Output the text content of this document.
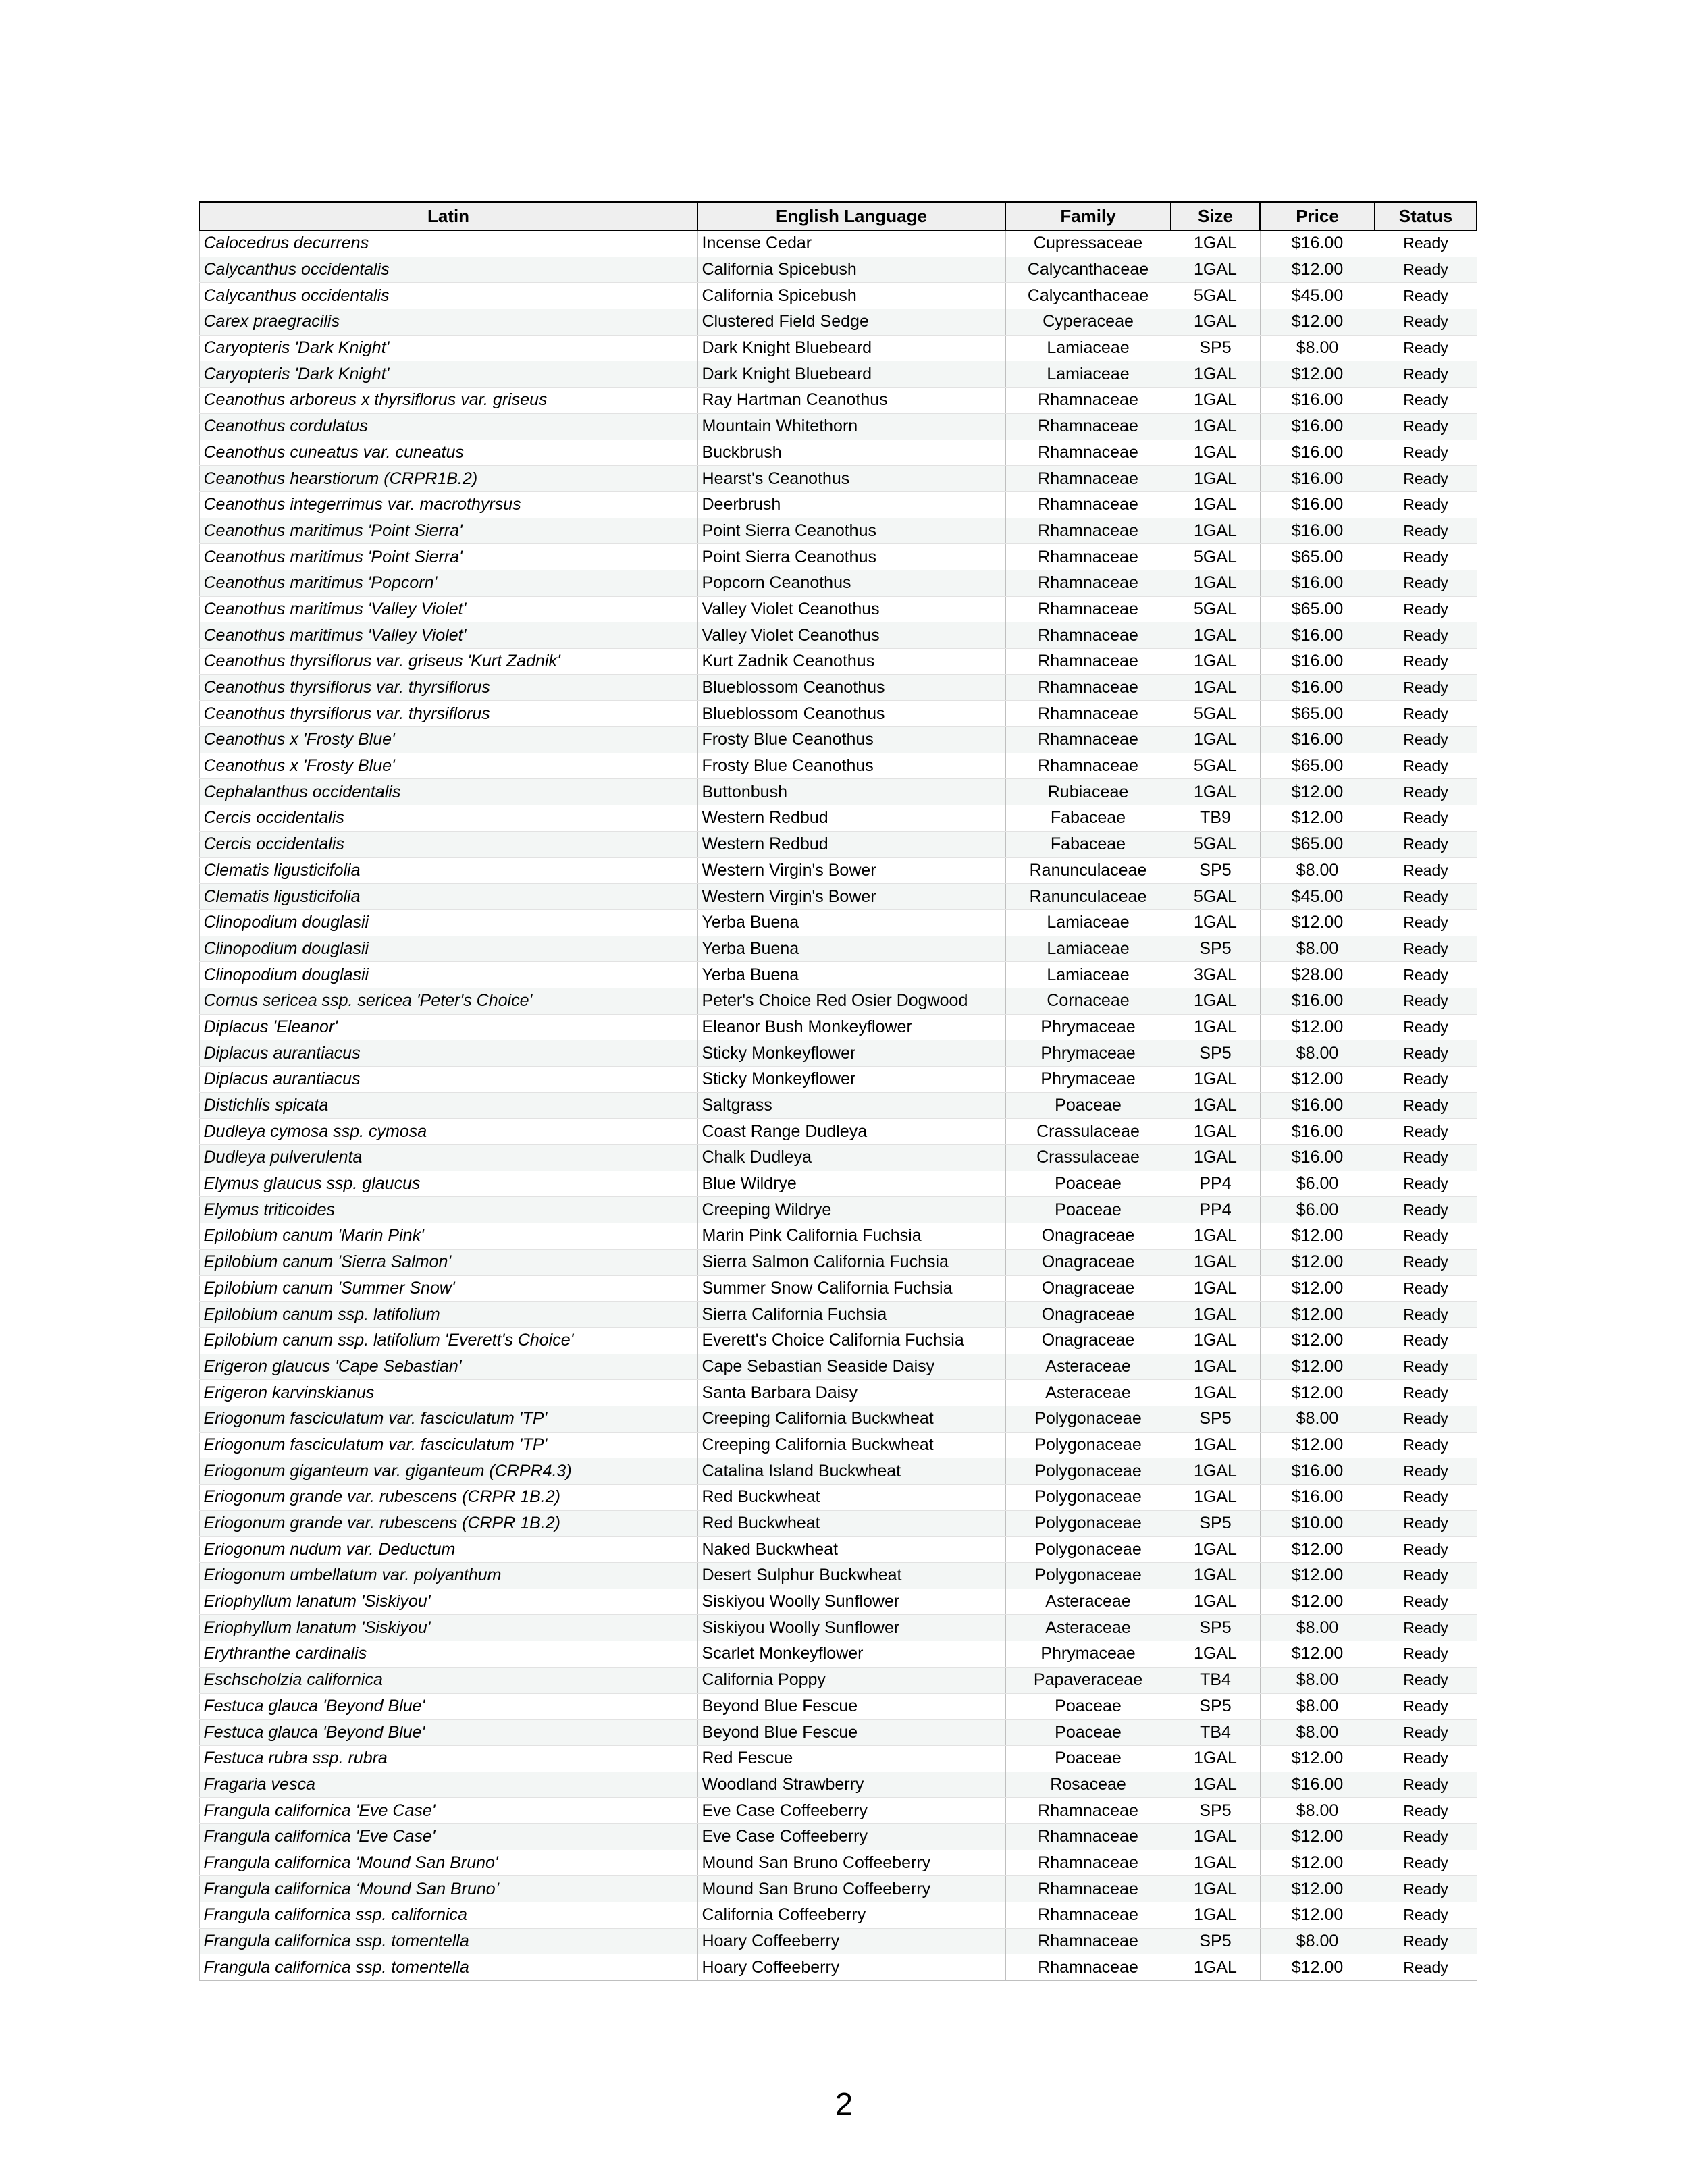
Latin	English Language	Family	Size	Price	Status
Calocedrus decurrens	Incense Cedar	Cupressaceae	1GAL	$16.00	Ready
Calycanthus occidentalis	California Spicebush	Calycanthaceae	1GAL	$12.00	Ready
Calycanthus occidentalis	California Spicebush	Calycanthaceae	5GAL	$45.00	Ready
Carex praegracilis	Clustered Field Sedge	Cyperaceae	1GAL	$12.00	Ready
Caryopteris 'Dark Knight'	Dark Knight Bluebeard	Lamiaceae	SP5	$8.00	Ready
Caryopteris 'Dark Knight'	Dark Knight Bluebeard	Lamiaceae	1GAL	$12.00	Ready
Ceanothus arboreus x thyrsiflorus var. griseus	Ray Hartman Ceanothus	Rhamnaceae	1GAL	$16.00	Ready
Ceanothus cordulatus	Mountain Whitethorn	Rhamnaceae	1GAL	$16.00	Ready
Ceanothus cuneatus var. cuneatus	Buckbrush	Rhamnaceae	1GAL	$16.00	Ready
Ceanothus hearstiorum (CRPR1B.2)	Hearst's Ceanothus	Rhamnaceae	1GAL	$16.00	Ready
Ceanothus integerrimus var. macrothyrsus	Deerbrush	Rhamnaceae	1GAL	$16.00	Ready
Ceanothus maritimus 'Point Sierra'	Point Sierra Ceanothus	Rhamnaceae	1GAL	$16.00	Ready
Ceanothus maritimus 'Point Sierra'	Point Sierra Ceanothus	Rhamnaceae	5GAL	$65.00	Ready
Ceanothus maritimus 'Popcorn'	Popcorn Ceanothus	Rhamnaceae	1GAL	$16.00	Ready
Ceanothus maritimus 'Valley Violet'	Valley Violet Ceanothus	Rhamnaceae	5GAL	$65.00	Ready
Ceanothus maritimus 'Valley Violet'	Valley Violet Ceanothus	Rhamnaceae	1GAL	$16.00	Ready
Ceanothus thyrsiflorus var. griseus 'Kurt Zadnik'	Kurt Zadnik Ceanothus	Rhamnaceae	1GAL	$16.00	Ready
Ceanothus thyrsiflorus var. thyrsiflorus	Blueblossom Ceanothus	Rhamnaceae	1GAL	$16.00	Ready
Ceanothus thyrsiflorus var. thyrsiflorus	Blueblossom Ceanothus	Rhamnaceae	5GAL	$65.00	Ready
Ceanothus x 'Frosty Blue'	Frosty Blue Ceanothus	Rhamnaceae	1GAL	$16.00	Ready
Ceanothus x 'Frosty Blue'	Frosty Blue Ceanothus	Rhamnaceae	5GAL	$65.00	Ready
Cephalanthus occidentalis	Buttonbush	Rubiaceae	1GAL	$12.00	Ready
Cercis occidentalis	Western Redbud	Fabaceae	TB9	$12.00	Ready
Cercis occidentalis	Western Redbud	Fabaceae	5GAL	$65.00	Ready
Clematis ligusticifolia	Western Virgin's Bower	Ranunculaceae	SP5	$8.00	Ready
Clematis ligusticifolia	Western Virgin's Bower	Ranunculaceae	5GAL	$45.00	Ready
Clinopodium douglasii	Yerba Buena	Lamiaceae	1GAL	$12.00	Ready
Clinopodium douglasii	Yerba Buena	Lamiaceae	SP5	$8.00	Ready
Clinopodium douglasii	Yerba Buena	Lamiaceae	3GAL	$28.00	Ready
Cornus sericea ssp. sericea 'Peter's Choice'	Peter's Choice Red Osier Dogwood	Cornaceae	1GAL	$16.00	Ready
Diplacus 'Eleanor'	Eleanor Bush Monkeyflower	Phrymaceae	1GAL	$12.00	Ready
Diplacus aurantiacus	Sticky Monkeyflower	Phrymaceae	SP5	$8.00	Ready
Diplacus aurantiacus	Sticky Monkeyflower	Phrymaceae	1GAL	$12.00	Ready
Distichlis spicata	Saltgrass	Poaceae	1GAL	$16.00	Ready
Dudleya cymosa ssp. cymosa	Coast Range Dudleya	Crassulaceae	1GAL	$16.00	Ready
Dudleya pulverulenta	Chalk Dudleya	Crassulaceae	1GAL	$16.00	Ready
Elymus glaucus ssp. glaucus	Blue Wildrye	Poaceae	PP4	$6.00	Ready
Elymus triticoides	Creeping Wildrye	Poaceae	PP4	$6.00	Ready
Epilobium canum 'Marin Pink'	Marin Pink California Fuchsia	Onagraceae	1GAL	$12.00	Ready
Epilobium canum 'Sierra Salmon'	Sierra Salmon California Fuchsia	Onagraceae	1GAL	$12.00	Ready
Epilobium canum 'Summer Snow'	Summer Snow California Fuchsia	Onagraceae	1GAL	$12.00	Ready
Epilobium canum ssp. latifolium	Sierra California Fuchsia	Onagraceae	1GAL	$12.00	Ready
Epilobium canum ssp. latifolium 'Everett's Choice'	Everett's Choice California Fuchsia	Onagraceae	1GAL	$12.00	Ready
Erigeron glaucus 'Cape Sebastian'	Cape Sebastian Seaside Daisy	Asteraceae	1GAL	$12.00	Ready
Erigeron karvinskianus	Santa Barbara Daisy	Asteraceae	1GAL	$12.00	Ready
Eriogonum fasciculatum var. fasciculatum 'TP'	Creeping California Buckwheat	Polygonaceae	SP5	$8.00	Ready
Eriogonum fasciculatum var. fasciculatum 'TP'	Creeping California Buckwheat	Polygonaceae	1GAL	$12.00	Ready
Eriogonum giganteum var. giganteum (CRPR4.3)	Catalina Island Buckwheat	Polygonaceae	1GAL	$16.00	Ready
Eriogonum grande var. rubescens (CRPR 1B.2)	Red Buckwheat	Polygonaceae	1GAL	$16.00	Ready
Eriogonum grande var. rubescens (CRPR 1B.2)	Red Buckwheat	Polygonaceae	SP5	$10.00	Ready
Eriogonum nudum var. Deductum	Naked Buckwheat	Polygonaceae	1GAL	$12.00	Ready
Eriogonum umbellatum var. polyanthum	Desert Sulphur Buckwheat	Polygonaceae	1GAL	$12.00	Ready
Eriophyllum lanatum 'Siskiyou'	Siskiyou Woolly Sunflower	Asteraceae	1GAL	$12.00	Ready
Eriophyllum lanatum 'Siskiyou'	Siskiyou Woolly Sunflower	Asteraceae	SP5	$8.00	Ready
Erythranthe cardinalis	Scarlet Monkeyflower	Phrymaceae	1GAL	$12.00	Ready
Eschscholzia californica	California Poppy	Papaveraceae	TB4	$8.00	Ready
Festuca glauca 'Beyond Blue'	Beyond Blue Fescue	Poaceae	SP5	$8.00	Ready
Festuca glauca 'Beyond Blue'	Beyond Blue Fescue	Poaceae	TB4	$8.00	Ready
Festuca rubra ssp. rubra	Red Fescue	Poaceae	1GAL	$12.00	Ready
Fragaria vesca	Woodland Strawberry	Rosaceae	1GAL	$16.00	Ready
Frangula californica 'Eve Case'	Eve Case Coffeeberry	Rhamnaceae	SP5	$8.00	Ready
Frangula californica 'Eve Case'	Eve Case Coffeeberry	Rhamnaceae	1GAL	$12.00	Ready
Frangula californica 'Mound San Bruno'	Mound San Bruno Coffeeberry	Rhamnaceae	1GAL	$12.00	Ready
Frangula californica ‘Mound San Bruno’	Mound San Bruno Coffeeberry	Rhamnaceae	1GAL	$12.00	Ready
Frangula californica ssp. californica	California Coffeeberry	Rhamnaceae	1GAL	$12.00	Ready
Frangula californica ssp. tomentella	Hoary Coffeeberry	Rhamnaceae	SP5	$8.00	Ready
Frangula californica ssp. tomentella	Hoary Coffeeberry	Rhamnaceae	1GAL	$12.00	Ready
2
